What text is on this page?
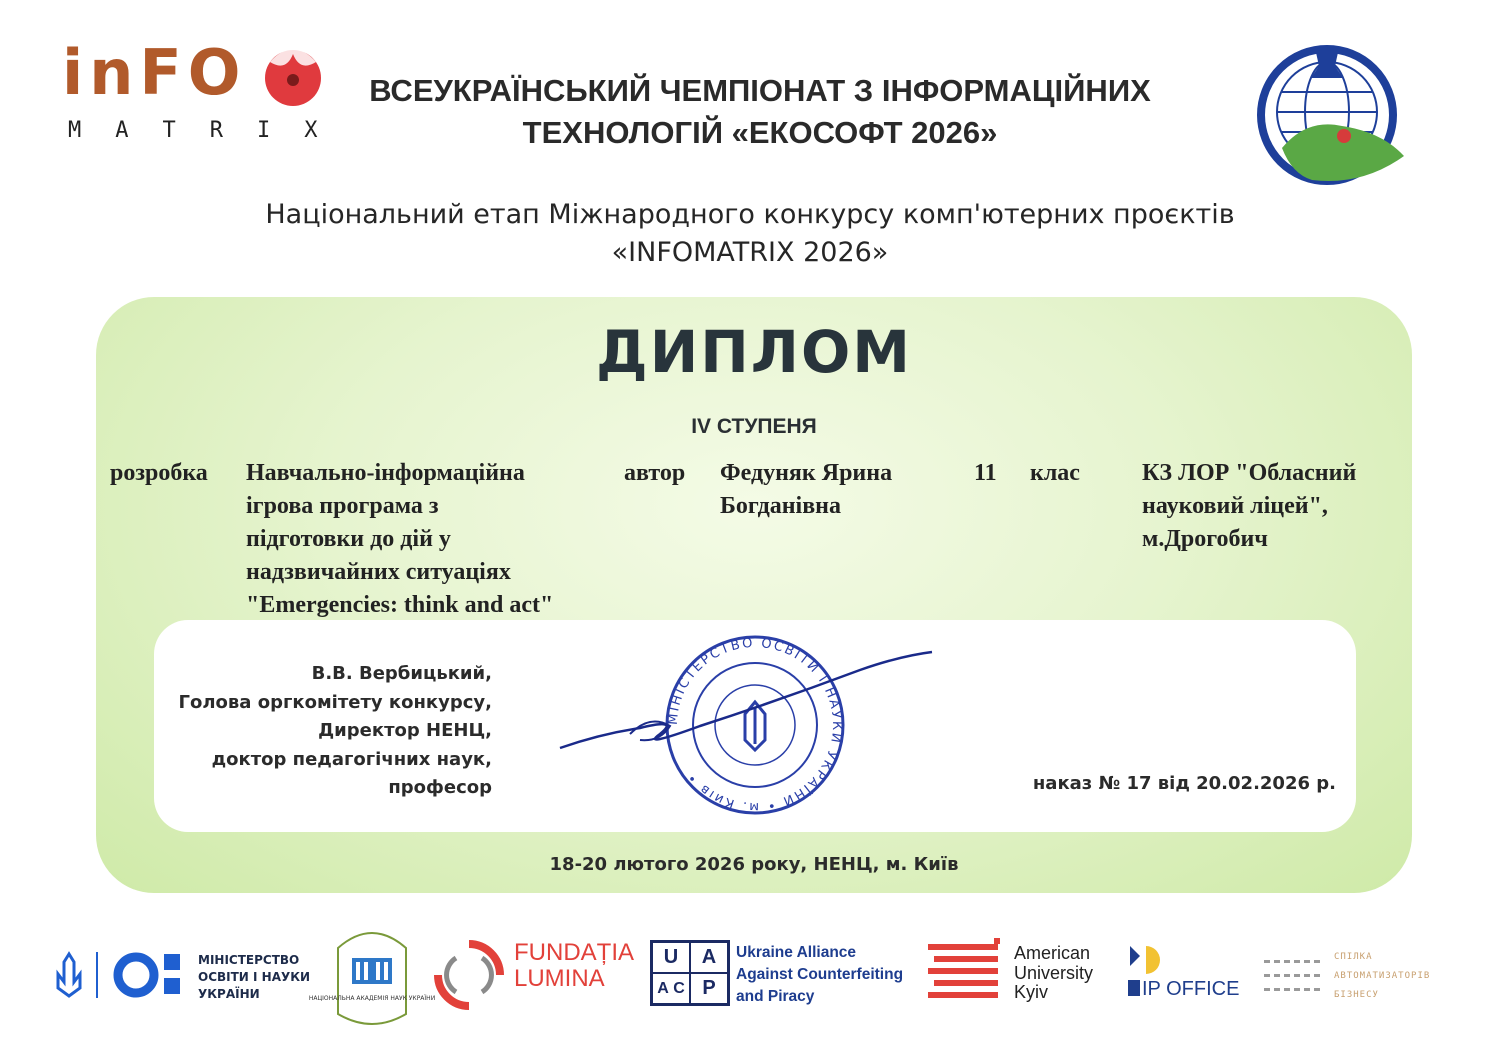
inFO
MATRIX
ВСЕУКРАЇНСЬКИЙ ЧЕМПІОНАТ З ІНФОРМАЦІЙНИХ
ТЕХНОЛОГІЙ «ЕКОСОФТ 2026»
Національний етап Міжнародного конкурсу комп'ютерних проєктів
«INFOMATRIX 2026»
ДИПЛОМ
IV СТУПЕНЯ
розробка Навчально-інформаційна
ігрова програма з
підготовки до дій у
надзвичайних ситуаціях
"Emergencies: think and act"
автор Федуняк Ярина
Богданівна
11 клас	КЗ ЛОР "Обласний
науковий ліцей",
м.Дрогобич
В.В. Вербицький,
Голова оргкомітету конкурсу,
Директор НЕНЦ,
доктор педагогічних наук,
професор
МІНІСТЕРСТВО ОСВІТИ І НАУКИ УКРАЇНИ • м. Київ •	наказ № 17 від 20.02.2026 р.
18-20 лютого 2026 року, НЕНЦ, м. Київ
МІНІСТЕРСТВО
ОСВІТИ І НАУКИ
УКРАЇНИ	НАЦІОНАЛЬНА АКАДЕМІЯ НАУК УКРАЇНИ
FUNDAȚIA
LUMINA
U	A
A
C P
Ukraine Alliance
Against Counterfeiting
and Piracy
American
University
Kyiv	IP OFFICE
СПІЛКА
АВТОМАТИЗАТОРІВ
БІЗНЕСУ
